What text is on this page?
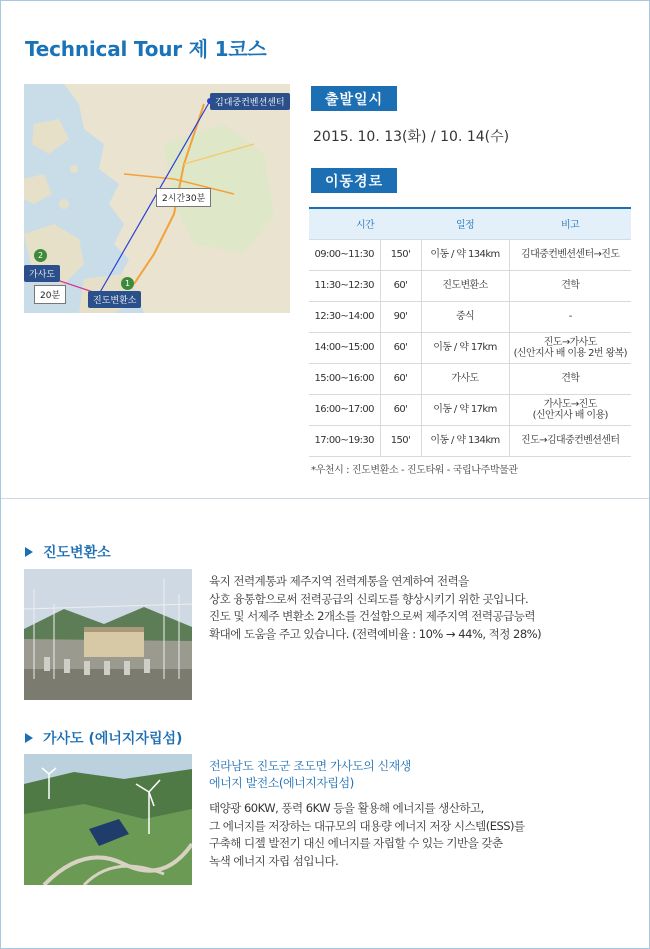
Technical Tour 제 1코스
김대중컨벤션센터
가사도
진도변환소
2시간30분
20분
2
1
출발일시
2015. 10. 13(화) / 10. 14(수)
이동경로
시간		일정	비고
09:00~11:30	150'	이동 / 약 134km	김대중컨벤션센터→진도

11:30~12:30	60'	진도변환소	견학

12:30~14:00	90'	중식	-

14:00~15:00	60'	이동 / 약 17km	진도→가사도
(신안지사 배 이용 2번 왕복)

15:00~16:00	60'	가사도	견학

16:00~17:00	60'	이동 / 약 17km	가사도→진도
(신안지사 배 이용)

17:00~19:30	150'	이동 / 약 134km	진도→김대중컨벤션센터
*우천시 : 진도변환소 - 진도타워 - 국립나주박물관
진도변환소
육지 전력계통과 제주지역 전력계통을 연계하여 전력을
상호 융통함으로써 전력공급의 신뢰도를 향상시키기 위한 곳입니다.
진도 및 서제주 변환소 2개소를 건설함으로써 제주지역 전력공급능력
확대에 도움을 주고 있습니다. (전력예비율 : 10% → 44%, 적정 28%)
가사도 (에너지자립섬)
전라남도 진도군 조도면 가사도의 신재생
에너지 발전소(에너지자립섬)
태양광 60KW, 풍력 6KW 등을 활용해 에너지를 생산하고,
그 에너지를 저장하는 대규모의 대용량 에너지 저장 시스템(ESS)를
구축해 디젤 발전기 대신 에너지를 자립할 수 있는 기반을 갖춘
녹색 에너지 자립 섬입니다.
